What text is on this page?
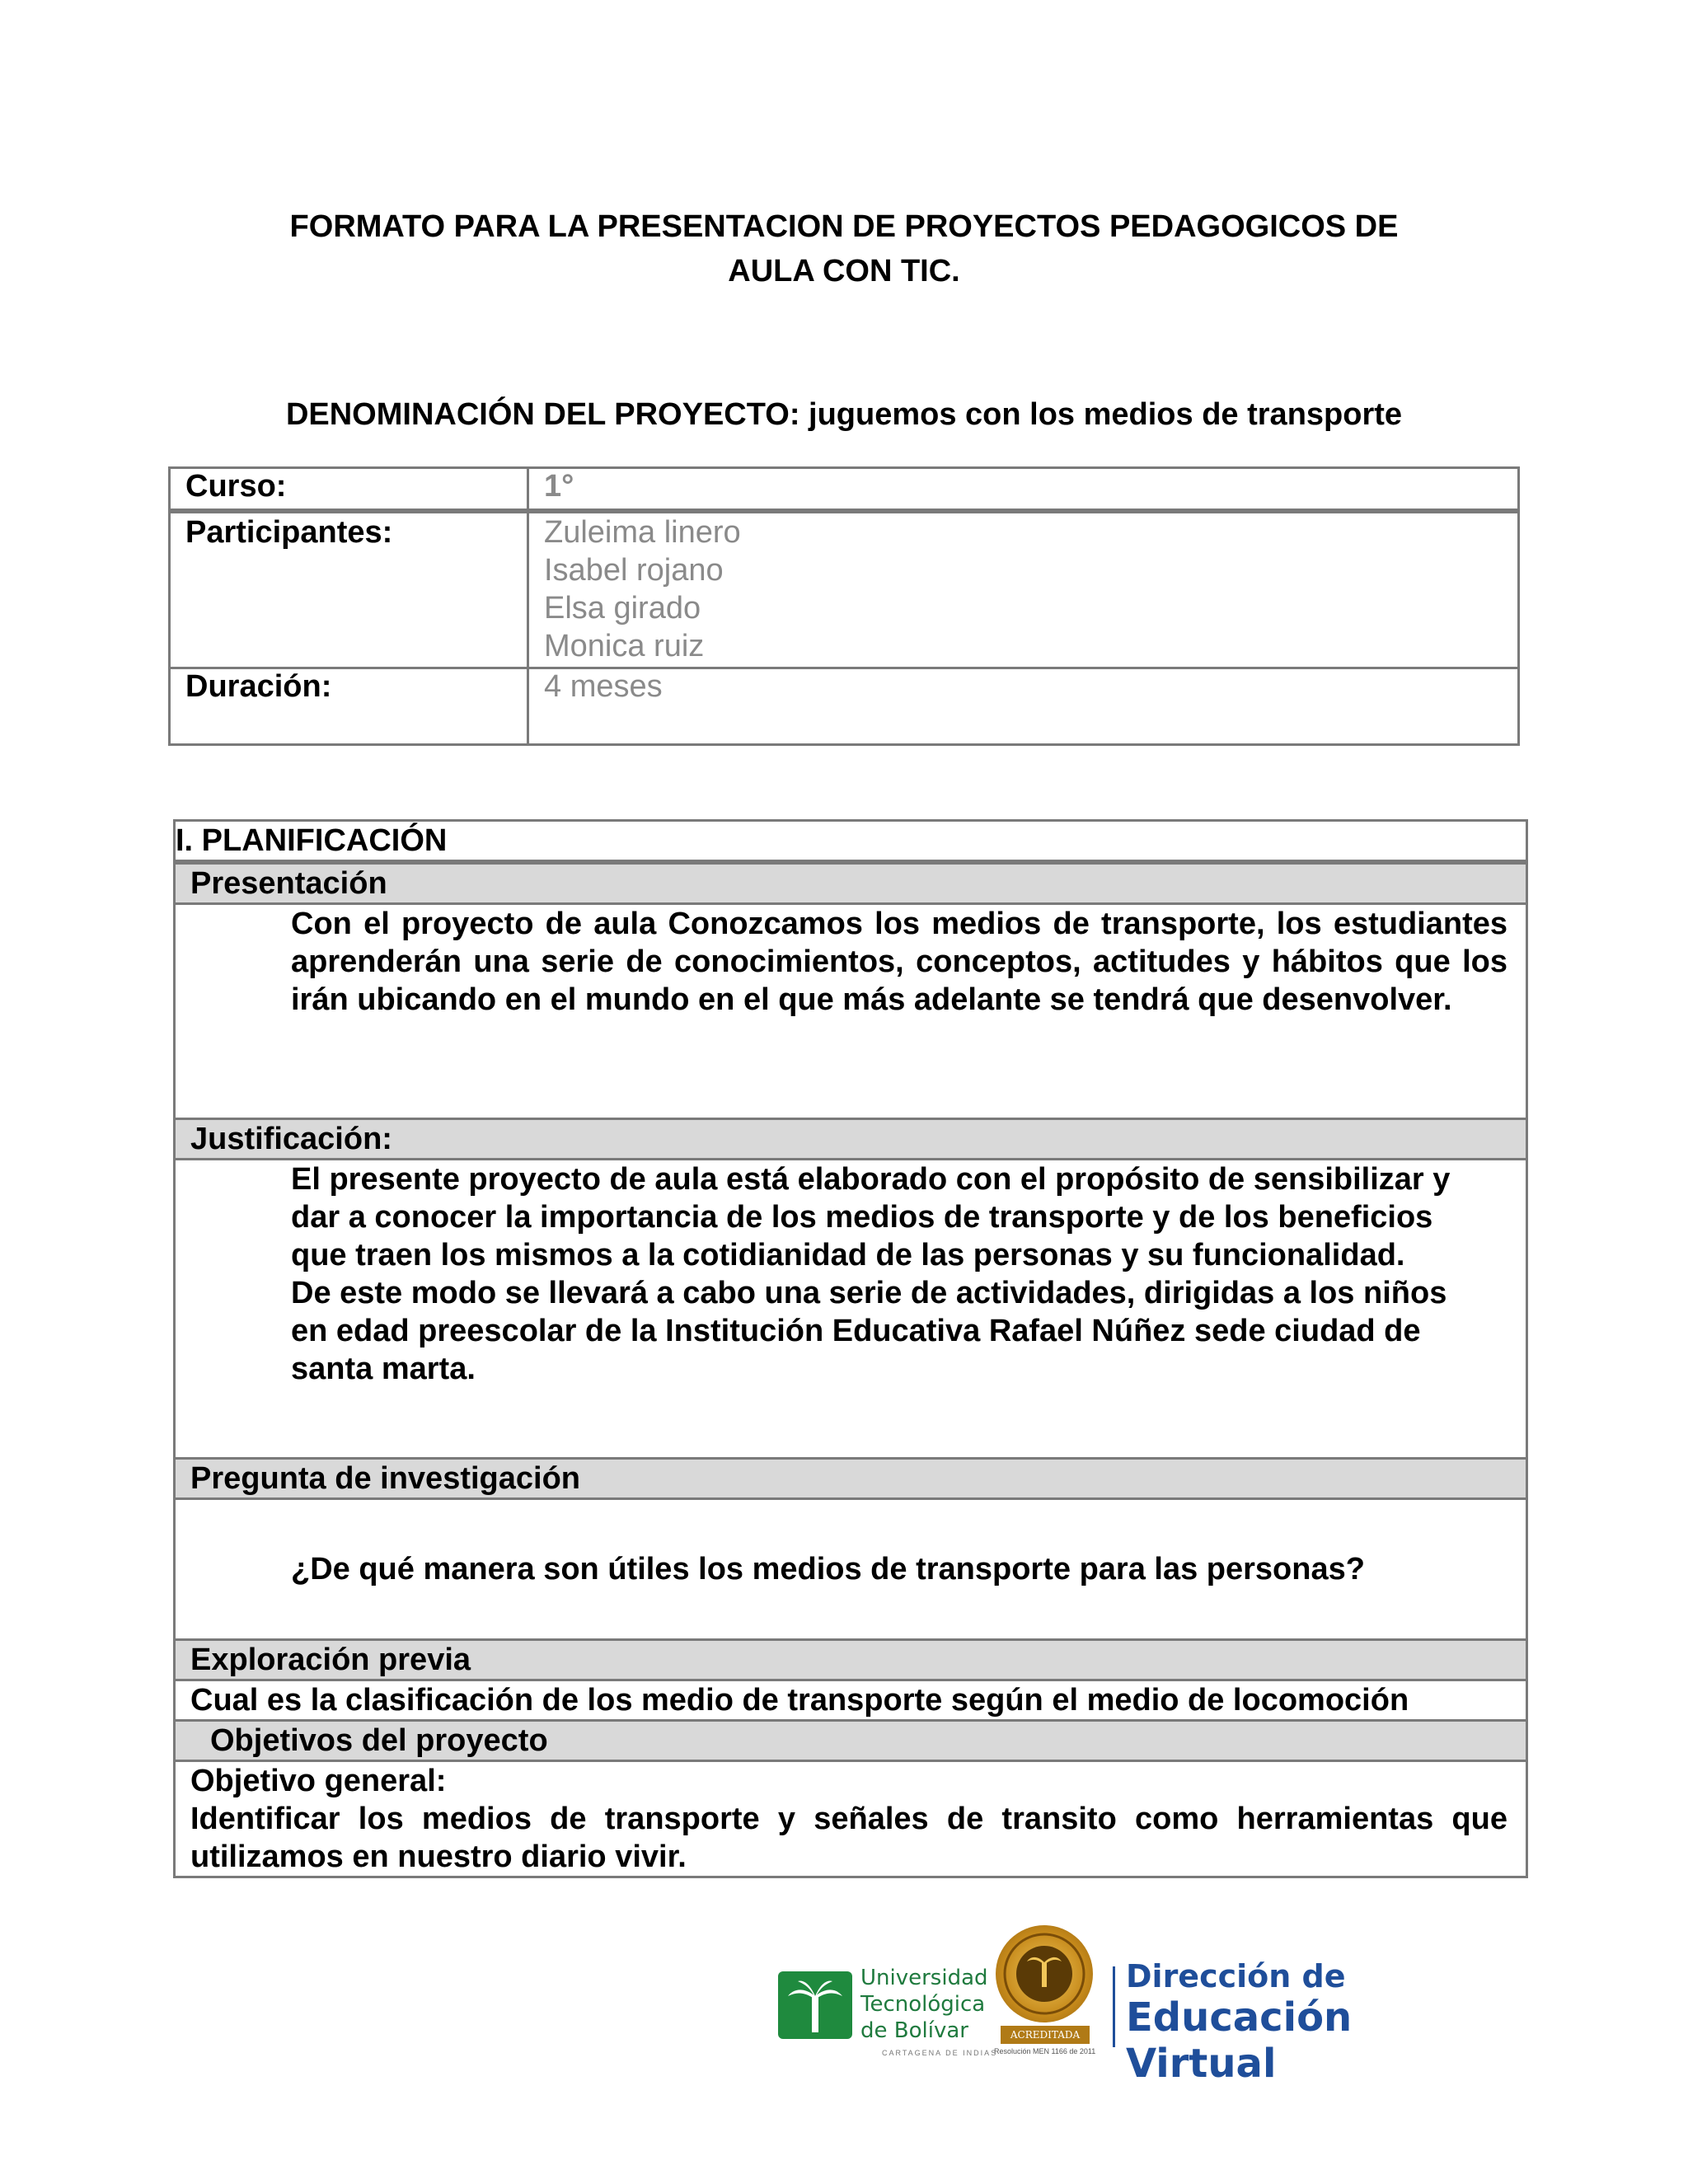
FORMATO PARA LA PRESENTACION DE PROYECTOS PEDAGOGICOS DE
AULA CON TIC.
DENOMINACIÓN DEL PROYECTO: juguemos con los medios de transporte
Curso:	1°
Participantes:	Zuleima linero
Isabel rojano
Elsa girado
Monica ruiz

Duración:	4 meses
I. PLANIFICACIÓN
Presentación
Con el proyecto de aula Conozcamos los medios de transporte, los estudiantes aprenderán una serie de conocimientos, conceptos, actitudes y hábitos que los irán ubicando en el mundo en el que más adelante se tendrá que desenvolver.
Justificación:
El presente proyecto de aula está elaborado con el propósito de sensibilizar y dar a conocer la importancia de los medios de transporte y de los beneficios que traen los mismos a la cotidianidad de las personas y su funcionalidad. De este modo se llevará a cabo una serie de actividades, dirigidas a los niños en edad preescolar de la Institución Educativa Rafael Núñez sede ciudad de santa marta.
Pregunta de investigación
¿De qué manera son útiles los medios de transporte para las personas?
Exploración previa
Cual es la clasificación de los medio de transporte según el medio de locomoción
Objetivos del proyecto

Objetivo general:
Identificar los medios de transporte y señales de transito como herramientas que utilizamos en nuestro diario vivir.
Universidad
Tecnológica
de Bolívar
CARTAGENA DE INDIAS
ACREDITADA
Resolución MEN 1166 de 2011
Dirección de
Educación Virtual
